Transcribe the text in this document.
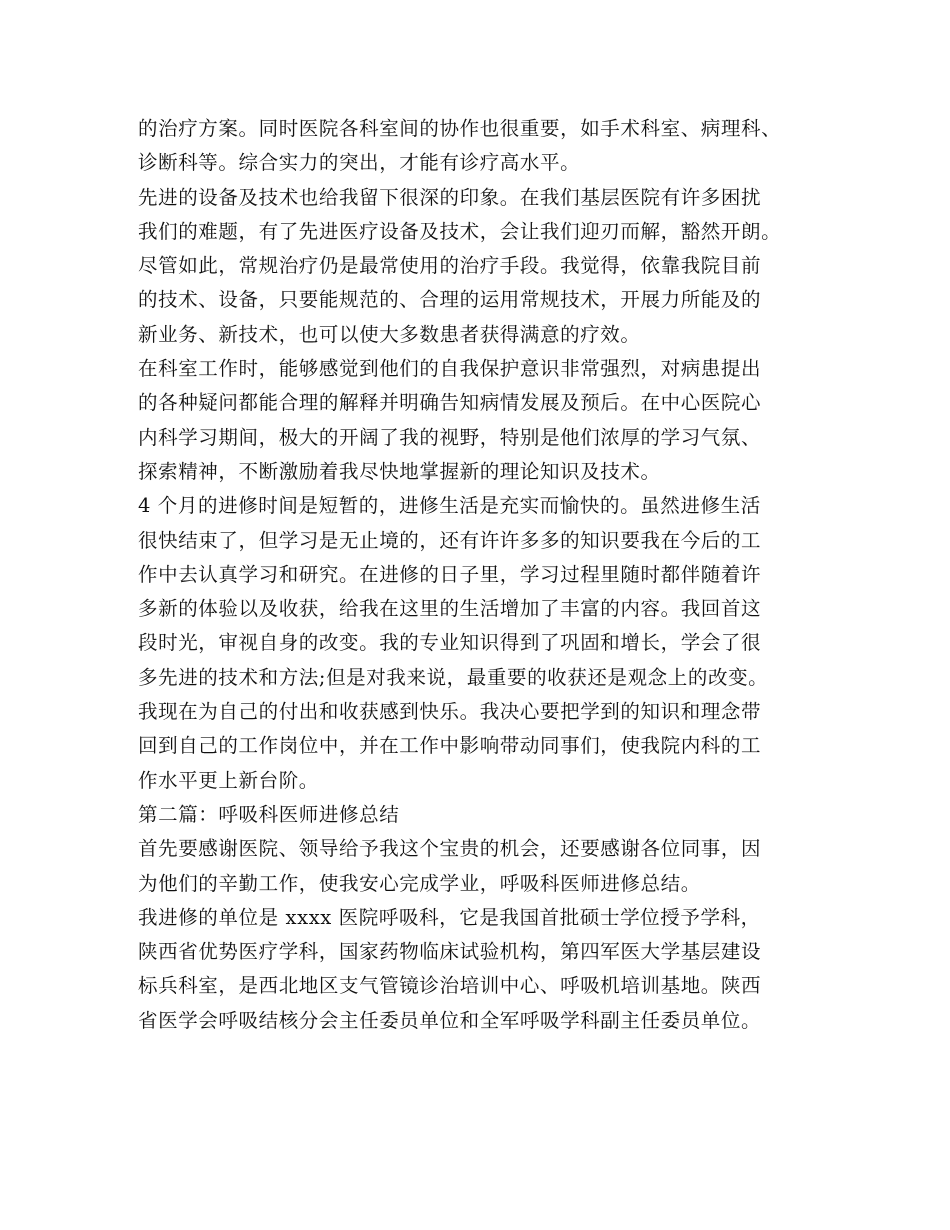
的治疗方案。同时医院各科室间的协作也很重要，如手术科室、病理科、
诊断科等。综合实力的突出，才能有诊疗高水平。
先进的设备及技术也给我留下很深的印象。在我们基层医院有许多困扰
我们的难题，有了先进医疗设备及技术，会让我们迎刃而解，豁然开朗。
尽管如此，常规治疗仍是最常使用的治疗手段。我觉得，依靠我院目前
的技术、设备，只要能规范的、合理的运用常规技术，开展力所能及的
新业务、新技术，也可以使大多数患者获得满意的疗效。
在科室工作时，能够感觉到他们的自我保护意识非常强烈，对病患提出
的各种疑问都能合理的解释并明确告知病情发展及预后。在中心医院心
内科学习期间，极大的开阔了我的视野，特别是他们浓厚的学习气氛、
探索精神，不断激励着我尽快地掌握新的理论知识及技术。
4 个月的进修时间是短暂的，进修生活是充实而愉快的。虽然进修生活
很快结束了，但学习是无止境的，还有许许多多的知识要我在今后的工
作中去认真学习和研究。在进修的日子里，学习过程里随时都伴随着许
多新的体验以及收获，给我在这里的生活增加了丰富的内容。我回首这
段时光，审视自身的改变。我的专业知识得到了巩固和增长，学会了很
多先进的技术和方法;但是对我来说，最重要的收获还是观念上的改变。
我现在为自己的付出和收获感到快乐。我决心要把学到的知识和理念带
回到自己的工作岗位中，并在工作中影响带动同事们，使我院内科的工
作水平更上新台阶。
第二篇：呼吸科医师进修总结
首先要感谢医院、领导给予我这个宝贵的机会，还要感谢各位同事，因
为他们的辛勤工作，使我安心完成学业，呼吸科医师进修总结。
我进修的单位是 xxxx 医院呼吸科，它是我国首批硕士学位授予学科，
陕西省优势医疗学科，国家药物临床试验机构，第四军医大学基层建设
标兵科室，是西北地区支气管镜诊治培训中心、呼吸机培训基地。陕西
省医学会呼吸结核分会主任委员单位和全军呼吸学科副主任委员单位。
